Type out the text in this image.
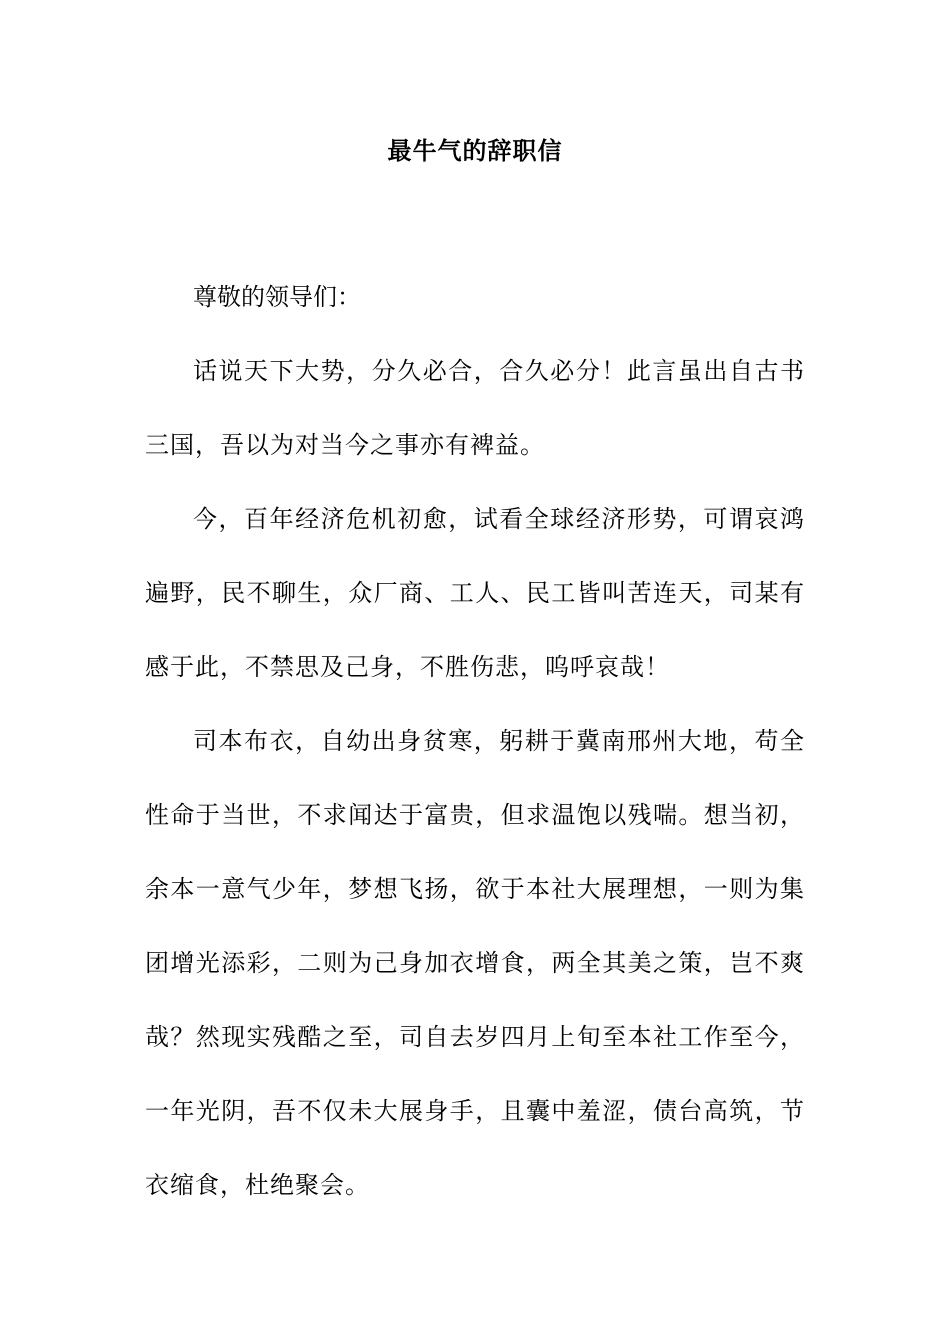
最牛气的辞职信

尊敬的领导们：

话说天下大势，分久必合，合久必分！此言虽出自古书三国，吾以为对当今之事亦有裨益。

今，百年经济危机初愈，试看全球经济形势，可谓哀鸿遍野，民不聊生，众厂商、工人、民工皆叫苦连天，司某有感于此，不禁思及己身，不胜伤悲，呜呼哀哉！

司本布衣，自幼出身贫寒，躬耕于冀南邢州大地，苟全性命于当世，不求闻达于富贵，但求温饱以残喘。想当初，余本一意气少年，梦想飞扬，欲于本社大展理想，一则为集团增光添彩，二则为己身加衣增食，两全其美之策，岂不爽哉？然现实残酷之至，司自去岁四月上旬至本社工作至今，一年光阴，吾不仅未大展身手，且囊中羞涩，债台高筑，节衣缩食，杜绝聚会。
